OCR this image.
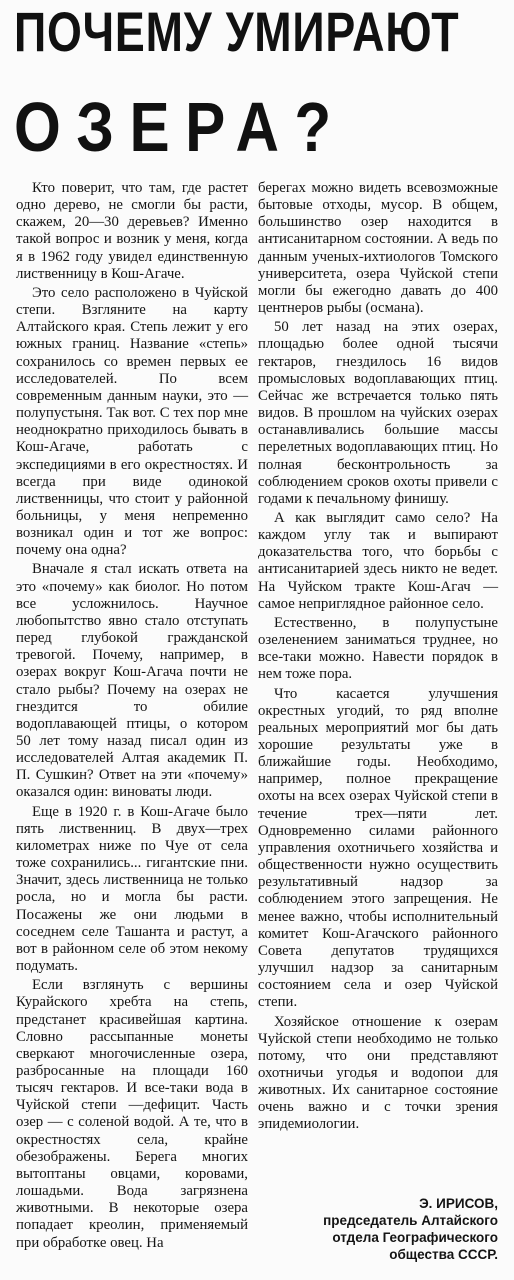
ПОЧЕМУ УМИРАЮТ
ОЗЕРА?

Кто поверит, что там, где растет одно дерево, не смогли бы расти, скажем, 20—30 деревьев? Именно такой вопрос и возник у меня, когда я в 1962 году увидел единственную лиственницу в Кош-Агаче.

Это село расположено в Чуйской степи. Взгляните на карту Алтайского края. Степь лежит у его южных границ. Название «степь» сохранилось со времен первых ее исследователей. По всем современным данным науки, это — полупустыня. Так вот. С тех пор мне неоднократно приходилось бывать в Кош-Агаче, работать с экспедициями в его окрестностях. И всегда при виде одинокой лиственницы, что стоит у районной больницы, у меня непременно возникал один и тот же вопрос: почему она одна?

Вначале я стал искать ответа на это «почему» как биолог. Но потом все усложнилось. Научное любопытство явно стало отступать перед глубокой гражданской тревогой. Почему, например, в озерах вокруг Кош-Агача почти не стало рыбы? Почему на озерах не гнездится то обилие водоплавающей птицы, о котором 50 лет тому назад писал один из исследователей Алтая академик П. П. Сушкин? Ответ на эти «почему» оказался один: виноваты люди.

Еще в 1920 г. в Кош-Агаче было пять лиственниц. В двух—трех километрах ниже по Чуе от села тоже сохранились... гигантские пни. Значит, здесь лиственница не только росла, но и могла бы расти. Посажены же они людьми в соседнем селе Ташанта и растут, а вот в районном селе об этом некому подумать.

Если взглянуть с вершины Курайского хребта на степь, предстанет красивейшая картина. Словно рассыпанные монеты сверкают многочисленные озера, разбросанные на площади 160 тысяч гектаров. И все-таки вода в Чуйской степи —дефицит. Часть озер — с соленой водой. А те, что в окрестностях села, крайне обезображены. Берега многих вытоптаны овцами, коровами, лошадьми. Вода загрязнена животными. В некоторые озера попадает креолин, применяемый при обработке овец. На

берегах можно видеть всевозможные бытовые отходы, мусор. В общем, большинство озер находится в антисанитарном состоянии. А ведь по данным ученых-ихтиологов Томского университета, озера Чуйской степи могли бы ежегодно давать до 400 центнеров рыбы (османа).

50 лет назад на этих озерах, площадью более одной тысячи гектаров, гнездилось 16 видов промысловых водоплавающих птиц. Сейчас же встречается только пять видов. В прошлом на чуйских озерах останавливались большие массы перелетных водоплавающих птиц. Но полная бесконтрольность за соблюдением сроков охоты привели с годами к печальному финишу.

А как выглядит само село? На каждом углу так и выпирают доказательства того, что борьбы с антисанитарией здесь никто не ведет. На Чуйском тракте Кош-Агач — самое неприглядное районное село.

Естественно, в полупустыне озеленением заниматься труднее, но все-таки можно. Навести порядок в нем тоже пора.

Что касается улучшения окрестных угодий, то ряд вполне реальных мероприятий мог бы дать хорошие результаты уже в ближайшие годы. Необходимо, например, полное прекращение охоты на всех озерах Чуйской степи в течение трех—пяти лет. Одновременно силами районного управления охотничьего хозяйства и общественности нужно осуществить результативный надзор за соблюдением этого запрещения. Не менее важно, чтобы исполнительный комитет Кош-Агачского районного Совета депутатов трудящихся улучшил надзор за санитарным состоянием села и озер Чуйской степи.

Хозяйское отношение к озерам Чуйской степи необходимо не только потому, что они представляют охотничьи угодья и водопои для животных. Их санитарное состояние очень важно и с точки зрения эпидемиологии.

Э. ИРИСОВ,
председатель Алтайского
отдела Географического
общества СССР.
